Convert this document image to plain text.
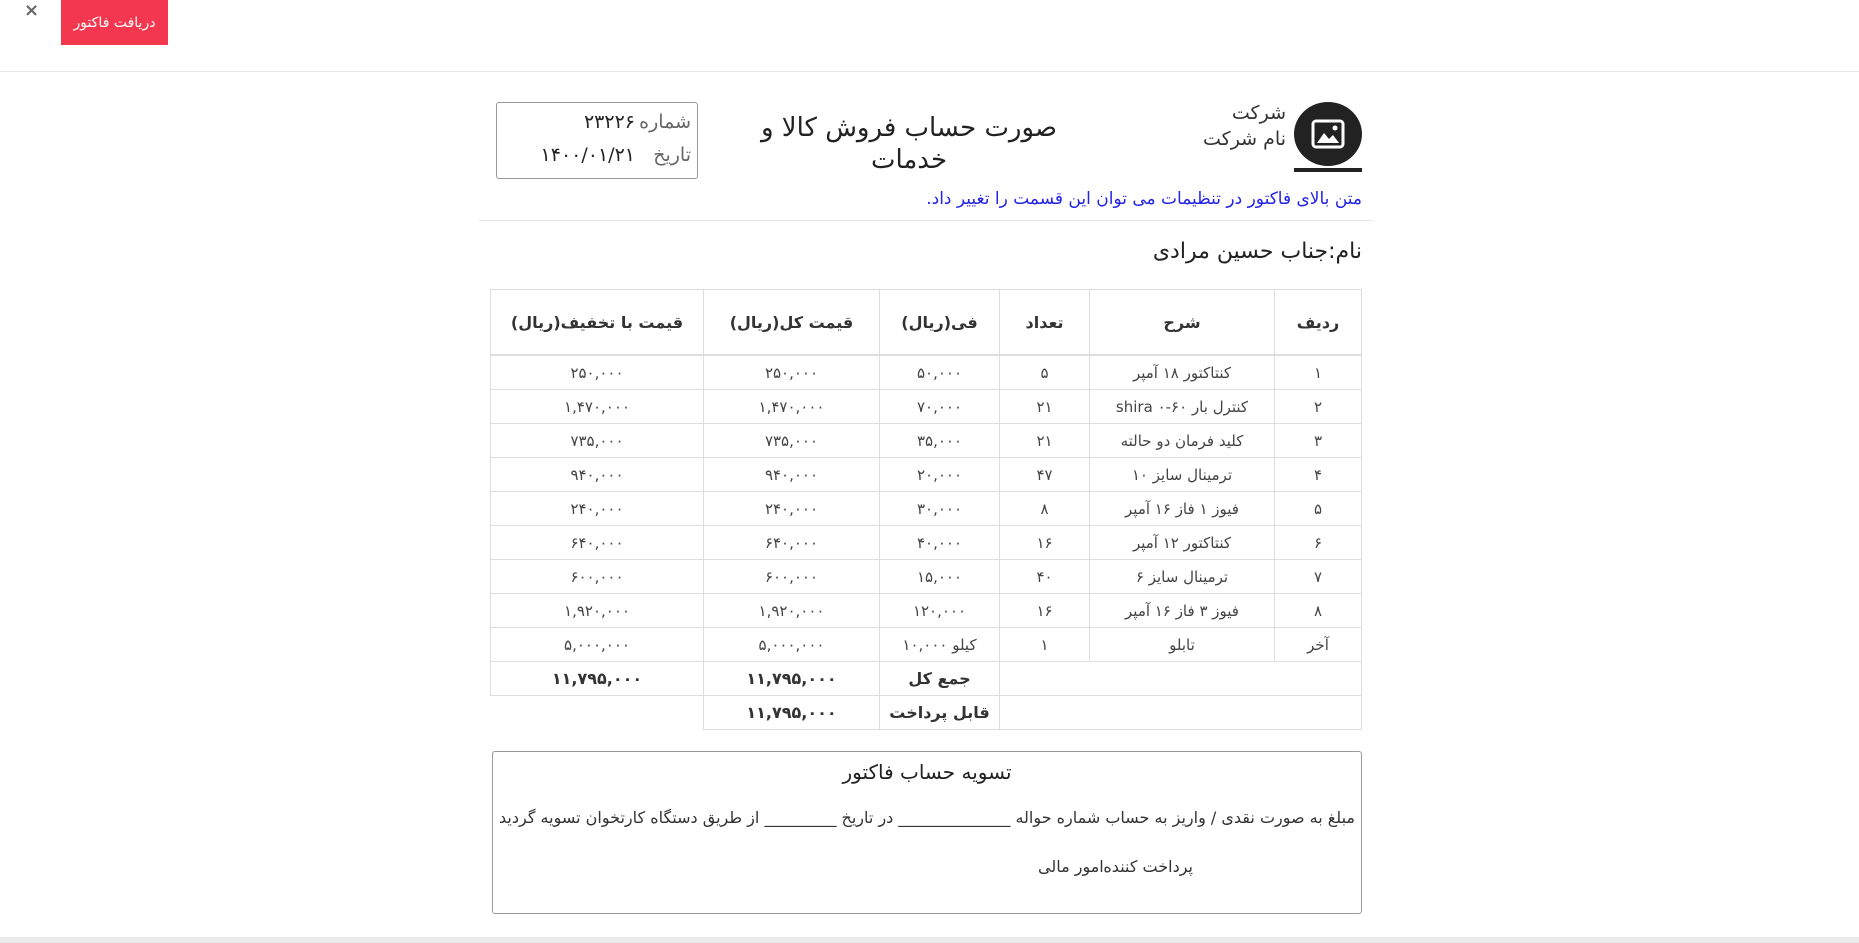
×
دریافت فاکتور
شرکت
نام شرکت
صورت حساب فروش کالا و خدمات
شماره
۲۳۲۲۶
تاریخ
۱۴۰۰/۰۱/۲۱
متن بالای فاکتور در تنظیمات می توان این قسمت را تغییر داد.
نام:جناب حسین مرادی
ردیف	شرح	تعداد	فی(ریال)	قیمت کل(ریال)	قیمت با تخفیف(ریال)
۱	کنتاکتور ۱۸ آمپر	۵	۵۰,۰۰۰	۲۵۰,۰۰۰	۲۵۰,۰۰۰
۲	کنترل بار ۶۰-۰ shira	۲۱	۷۰,۰۰۰	۱,۴۷۰,۰۰۰	۱,۴۷۰,۰۰۰
۳	کلید فرمان دو حالته	۲۱	۳۵,۰۰۰	۷۳۵,۰۰۰	۷۳۵,۰۰۰
۴	ترمینال سایز ۱۰	۴۷	۲۰,۰۰۰	۹۴۰,۰۰۰	۹۴۰,۰۰۰
۵	فیوز ۱ فاز ۱۶ آمپر	۸	۳۰,۰۰۰	۲۴۰,۰۰۰	۲۴۰,۰۰۰
۶	کنتاکتور ۱۲ آمپر	۱۶	۴۰,۰۰۰	۶۴۰,۰۰۰	۶۴۰,۰۰۰
۷	ترمینال سایز ۶	۴۰	۱۵,۰۰۰	۶۰۰,۰۰۰	۶۰۰,۰۰۰
۸	فیوز ۳ فاز ۱۶ آمپر	۱۶	۱۲۰,۰۰۰	۱,۹۲۰,۰۰۰	۱,۹۲۰,۰۰۰
آخر	تابلو	۱	کیلو ۱۰,۰۰۰	۵,۰۰۰,۰۰۰	۵,۰۰۰,۰۰۰
			جمع کل	۱۱,۷۹۵,۰۰۰	۱۱,۷۹۵,۰۰۰
			قابل پرداخت	۱۱,۷۹۵,۰۰۰	
تسویه حساب فاکتور
مبلغ به صورت نقدی / واریز به حساب شماره حواله ______________ در تاریخ _________ از طریق دستگاه کارتخوان تسویه گردید
پرداخت کننده
امور مالی
